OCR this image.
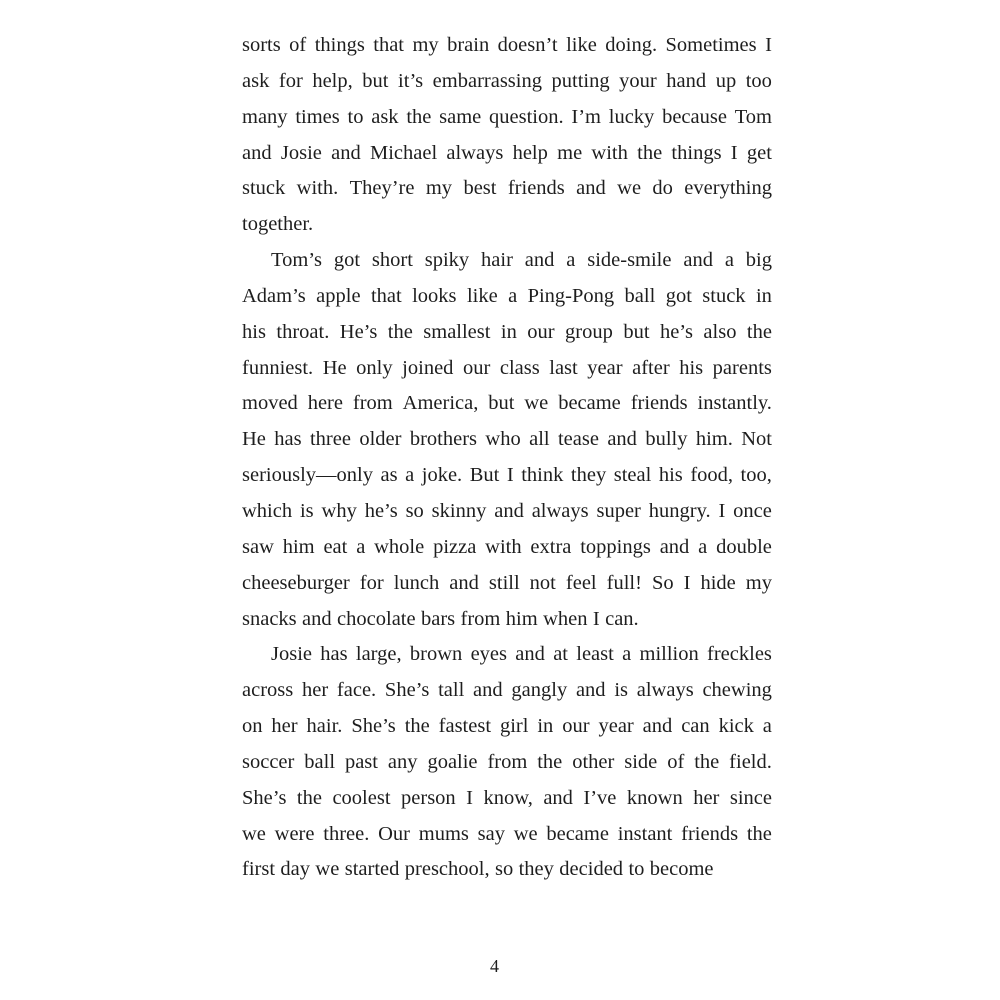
sorts of things that my brain doesn’t like doing. Sometimes I
ask for help, but it’s embarrassing putting your hand up too
many times to ask the same question. I’m lucky because Tom
and Josie and Michael always help me with the things I get
stuck with. They’re my best friends and we do everything
together.
Tom’s got short spiky hair and a side-smile and a big
Adam’s apple that looks like a Ping-Pong ball got stuck in
his throat. He’s the smallest in our group but he’s also the
funniest. He only joined our class last year after his parents
moved here from America, but we became friends instantly.
He has three older brothers who all tease and bully him. Not
seriously—only as a joke. But I think they steal his food, too,
which is why he’s so skinny and always super hungry. I once
saw him eat a whole pizza with extra toppings and a double
cheeseburger for lunch and still not feel full! So I hide my
snacks and chocolate bars from him when I can.
Josie has large, brown eyes and at least a million freckles
across her face. She’s tall and gangly and is always chewing
on her hair. She’s the fastest girl in our year and can kick a
soccer ball past any goalie from the other side of the field.
She’s the coolest person I know, and I’ve known her since
we were three. Our mums say we became instant friends the
first day we started preschool, so they decided to become
4
